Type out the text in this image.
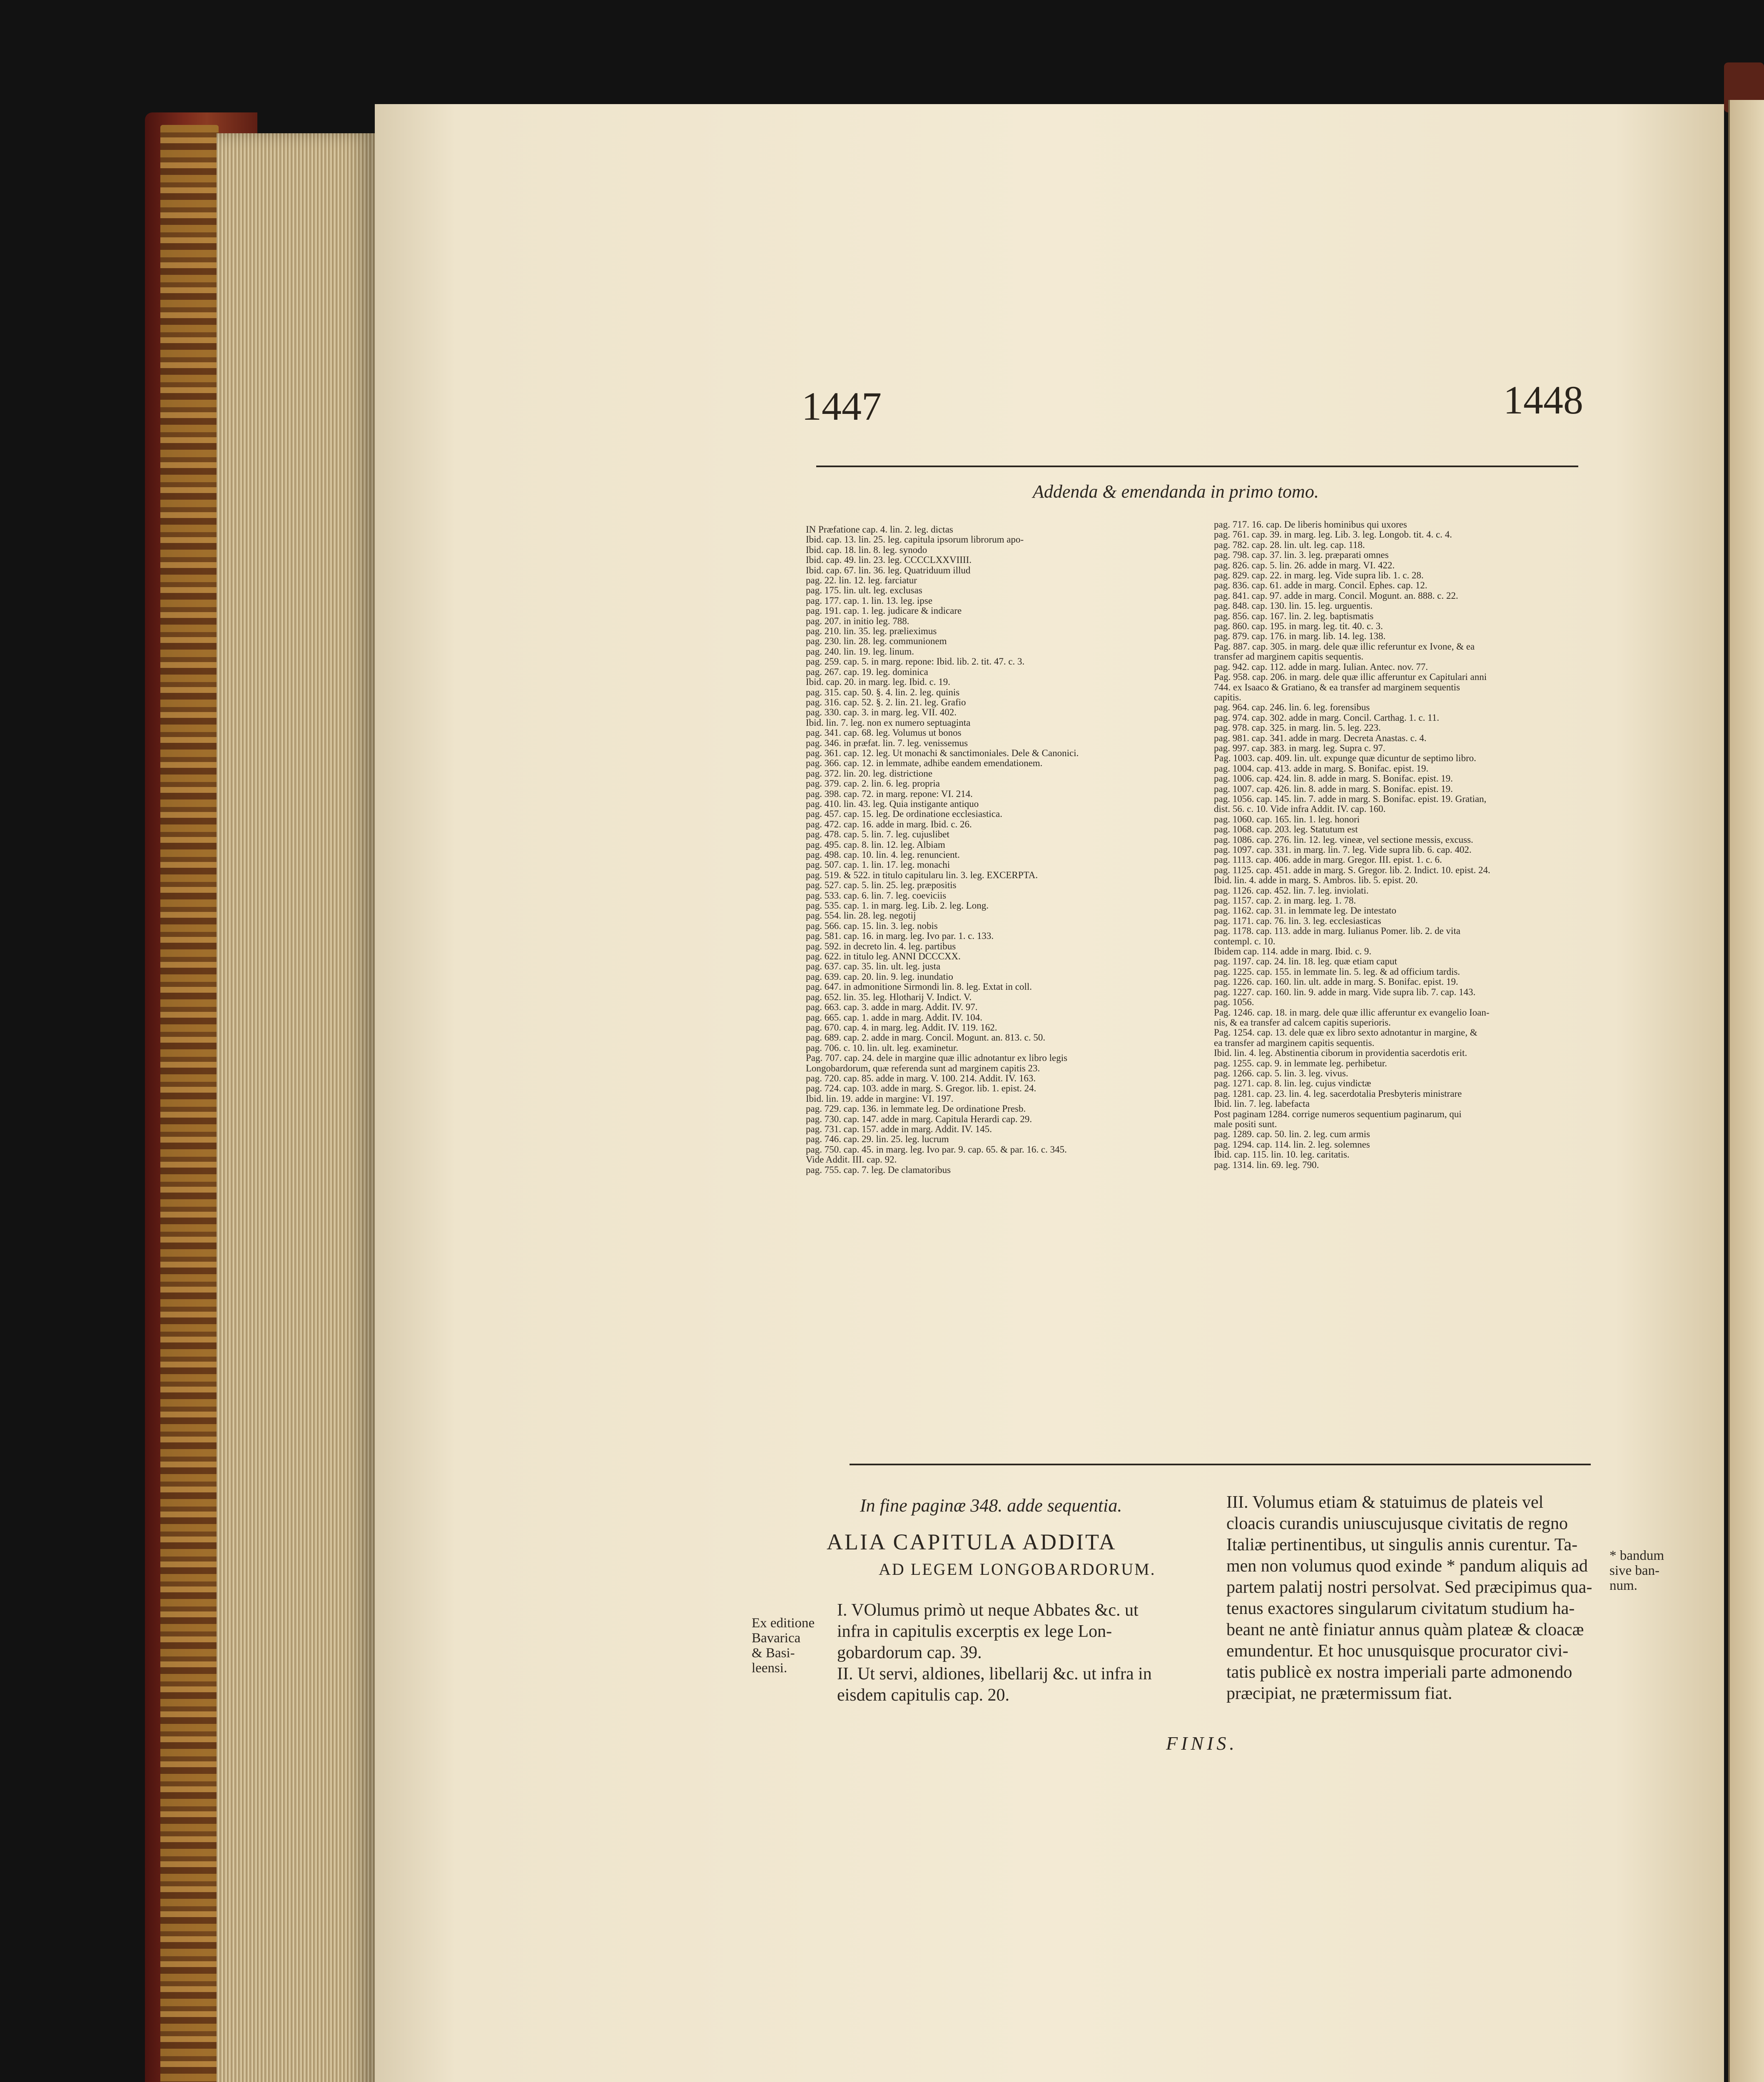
1447	1448
Addenda & emendanda in primo tomo.
IN Præfatione cap. 4. lin. 2. leg. dictas
Ibid. cap. 13. lin. 25. leg. capitula ipsorum librorum apo-
Ibid. cap. 18. lin. 8. leg. synodo
Ibid. cap. 49. lin. 23. leg. CCCCLXXVIIII.
Ibid. cap. 67. lin. 36. leg. Quatriduum illud
pag. 22. lin. 12. leg. farciatur
pag. 175. lin. ult. leg. exclusas
pag. 177. cap. 1. lin. 13. leg. ipse
pag. 191. cap. 1. leg. judicare & indicare
pag. 207. in initio leg. 788.
pag. 210. lin. 35. leg. prælieximus
pag. 230. lin. 28. leg. communionem
pag. 240. lin. 19. leg. linum.
pag. 259. cap. 5. in marg. repone: Ibid. lib. 2. tit. 47. c. 3.
pag. 267. cap. 19. leg. dominica
Ibid. cap. 20. in marg. leg. Ibid. c. 19.
pag. 315. cap. 50. §. 4. lin. 2. leg. quinis
pag. 316. cap. 52. §. 2. lin. 21. leg. Grafio
pag. 330. cap. 3. in marg. leg. VII. 402.
Ibid. lin. 7. leg. non ex numero septuaginta
pag. 341. cap. 68. leg. Volumus ut bonos
pag. 346. in præfat. lin. 7. leg. venissemus
pag. 361. cap. 12. leg. Ut monachi & sanctimoniales. Dele & Canonici.
pag. 366. cap. 12. in lemmate, adhibe eandem emendationem.
pag. 372. lin. 20. leg. districtione
pag. 379. cap. 2. lin. 6. leg. propria
pag. 398. cap. 72. in marg. repone: VI. 214.
pag. 410. lin. 43. leg. Quia instigante antiquo
pag. 457. cap. 15. leg. De ordinatione ecclesiastica.
pag. 472. cap. 16. adde in marg. Ibid. c. 26.
pag. 478. cap. 5. lin. 7. leg. cujuslibet
pag. 495. cap. 8. lin. 12. leg. Albiam
pag. 498. cap. 10. lin. 4. leg. renuncient.
pag. 507. cap. 1. lin. 17. leg. monachi
pag. 519. & 522. in titulo capitularu lin. 3. leg. EXCERPTA.
pag. 527. cap. 5. lin. 25. leg. præpositis
pag. 533. cap. 6. lin. 7. leg. coeviciis
pag. 535. cap. 1. in marg. leg. Lib. 2. leg. Long.
pag. 554. lin. 28. leg. negotij
pag. 566. cap. 15. lin. 3. leg. nobis
pag. 581. cap. 16. in marg. leg. Ivo par. 1. c. 133.
pag. 592. in decreto lin. 4. leg. partibus
pag. 622. in titulo leg. ANNI DCCCXX.
pag. 637. cap. 35. lin. ult. leg. justa
pag. 639. cap. 20. lin. 9. leg. inundatio
pag. 647. in admonitione Sirmondi lin. 8. leg. Extat in coll.
pag. 652. lin. 35. leg. Hlotharij V. Indict. V.
pag. 663. cap. 3. adde in marg. Addit. IV. 97.
pag. 665. cap. 1. adde in marg. Addit. IV. 104.
pag. 670. cap. 4. in marg. leg. Addit. IV. 119. 162.
pag. 689. cap. 2. adde in marg. Concil. Mogunt. an. 813. c. 50.
pag. 706. c. 10. lin. ult. leg. examinetur.
Pag. 707. cap. 24. dele in margine quæ illic adnotantur ex libro legis
Longobardorum, quæ referenda sunt ad marginem capitis 23.
pag. 720. cap. 85. adde in marg. V. 100. 214. Addit. IV. 163.
pag. 724. cap. 103. adde in marg. S. Gregor. lib. 1. epist. 24.
Ibid. lin. 19. adde in margine: VI. 197.
pag. 729. cap. 136. in lemmate leg. De ordinatione Presb.
pag. 730. cap. 147. adde in marg. Capitula Herardi cap. 29.
pag. 731. cap. 157. adde in marg. Addit. IV. 145.
pag. 746. cap. 29. lin. 25. leg. lucrum
pag. 750. cap. 45. in marg. leg. Ivo par. 9. cap. 65. & par. 16. c. 345.
Vide Addit. III. cap. 92.
pag. 755. cap. 7. leg. De clamatoribus
pag. 717. 16. cap. De liberis hominibus qui uxores
pag. 761. cap. 39. in marg. leg. Lib. 3. leg. Longob. tit. 4. c. 4.
pag. 782. cap. 28. lin. ult. leg. cap. 118.
pag. 798. cap. 37. lin. 3. leg. præparati omnes
pag. 826. cap. 5. lin. 26. adde in marg. VI. 422.
pag. 829. cap. 22. in marg. leg. Vide supra lib. 1. c. 28.
pag. 836. cap. 61. adde in marg. Concil. Ephes. cap. 12.
pag. 841. cap. 97. adde in marg. Concil. Mogunt. an. 888. c. 22.
pag. 848. cap. 130. lin. 15. leg. urguentis.
pag. 856. cap. 167. lin. 2. leg. baptismatis
pag. 860. cap. 195. in marg. leg. tit. 40. c. 3.
pag. 879. cap. 176. in marg. lib. 14. leg. 138.
Pag. 887. cap. 305. in marg. dele quæ illic referuntur ex Ivone, & ea
transfer ad marginem capitis sequentis.
pag. 942. cap. 112. adde in marg. Iulian. Antec. nov. 77.
Pag. 958. cap. 206. in marg. dele quæ illic afferuntur ex Capitulari anni
744. ex Isaaco & Gratiano, & ea transfer ad marginem sequentis
capitis.
pag. 964. cap. 246. lin. 6. leg. forensibus
pag. 974. cap. 302. adde in marg. Concil. Carthag. 1. c. 11.
pag. 978. cap. 325. in marg. lin. 5. leg. 223.
pag. 981. cap. 341. adde in marg. Decreta Anastas. c. 4.
pag. 997. cap. 383. in marg. leg. Supra c. 97.
Pag. 1003. cap. 409. lin. ult. expunge quæ dicuntur de septimo libro.
pag. 1004. cap. 413. adde in marg. S. Bonifac. epist. 19.
pag. 1006. cap. 424. lin. 8. adde in marg. S. Bonifac. epist. 19.
pag. 1007. cap. 426. lin. 8. adde in marg. S. Bonifac. epist. 19.
pag. 1056. cap. 145. lin. 7. adde in marg. S. Bonifac. epist. 19. Gratian,
dist. 56. c. 10. Vide infra Addit. IV. cap. 160.
pag. 1060. cap. 165. lin. 1. leg. honori
pag. 1068. cap. 203. leg. Statutum est
pag. 1086. cap. 276. lin. 12. leg. vineæ, vel sectione messis, excuss.
pag. 1097. cap. 331. in marg. lin. 7. leg. Vide supra lib. 6. cap. 402.
pag. 1113. cap. 406. adde in marg. Gregor. III. epist. 1. c. 6.
pag. 1125. cap. 451. adde in marg. S. Gregor. lib. 2. Indict. 10. epist. 24.
Ibid. lin. 4. adde in marg. S. Ambros. lib. 5. epist. 20.
pag. 1126. cap. 452. lin. 7. leg. inviolati.
pag. 1157. cap. 2. in marg. leg. 1. 78.
pag. 1162. cap. 31. in lemmate leg. De intestato
pag. 1171. cap. 76. lin. 3. leg. ecclesiasticas
pag. 1178. cap. 113. adde in marg. Iulianus Pomer. lib. 2. de vita
contempl. c. 10.
Ibidem cap. 114. adde in marg. Ibid. c. 9.
pag. 1197. cap. 24. lin. 18. leg. quæ etiam caput
pag. 1225. cap. 155. in lemmate lin. 5. leg. & ad officium tardis.
pag. 1226. cap. 160. lin. ult. adde in marg. S. Bonifac. epist. 19.
pag. 1227. cap. 160. lin. 9. adde in marg. Vide supra lib. 7. cap. 143.
pag. 1056.
Pag. 1246. cap. 18. in marg. dele quæ illic afferuntur ex evangelio Ioan-
nis, & ea transfer ad calcem capitis superioris.
Pag. 1254. cap. 13. dele quæ ex libro sexto adnotantur in margine, &
ea transfer ad marginem capitis sequentis.
Ibid. lin. 4. leg. Abstinentia ciborum in providentia sacerdotis erit.
pag. 1255. cap. 9. in lemmate leg. perhibetur.
pag. 1266. cap. 5. lin. 3. leg. vivus.
pag. 1271. cap. 8. lin. leg. cujus vindictæ
pag. 1281. cap. 23. lin. 4. leg. sacerdotalia Presbyteris ministrare
Ibid. lin. 7. leg. labefacta
Post paginam 1284. corrige numeros sequentium paginarum, qui
male positi sunt.
pag. 1289. cap. 50. lin. 2. leg. cum armis
pag. 1294. cap. 114. lin. 2. leg. solemnes
Ibid. cap. 115. lin. 10. leg. caritatis.
pag. 1314. lin. 69. leg. 790.
In fine paginæ 348. adde sequentia.
ALIA CAPITULA ADDITA
AD LEGEM LONGOBARDORUM.
Ex editione
Bavarica
& Basi-
leensi.
I. VOlumus primò ut neque Abbates &c. ut
infra in capitulis excerptis ex lege Lon-
gobardorum cap. 39.
II. Ut servi, aldiones, libellarij &c. ut infra in
eisdem capitulis cap. 20.
III. Volumus etiam & statuimus de plateis vel
cloacis curandis uniuscujusque civitatis de regno
Italiæ pertinentibus, ut singulis annis curentur. Ta-
men non volumus quod exinde * pandum aliquis ad
partem palatij nostri persolvat. Sed præcipimus qua-
tenus exactores singularum civitatum studium ha-
beant ne antè finiatur annus quàm plateæ & cloacæ
emundentur. Et hoc unusquisque procurator civi-
tatis publicè ex nostra imperiali parte admonendo
præcipiat, ne prætermissum fiat.
* bandum
sive ban-
num.
FINIS.
